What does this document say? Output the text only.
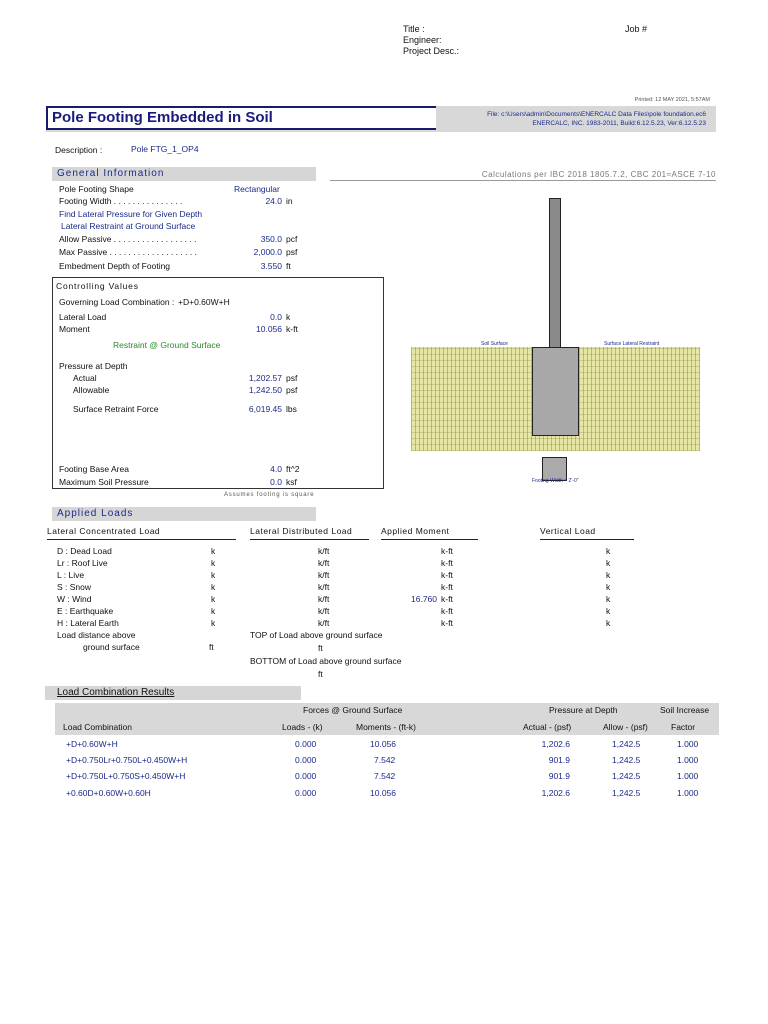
Title :
Engineer:
Project Desc.:
Job #
Printed: 12 MAY 2021, 5:57AM
Pole Footing Embedded in Soil	File: c:\Users\admin\Documents\ENERCALC Data Files\pole foundation.ec6
ENERCALC, INC. 1983-2011, Build:6.12.5.23, Ver:6.12.5.23
Description :	Pole FTG_1_OP4
General Information	Calculations per IBC 2018 1805.7.2, CBC 201≈ASCE 7-10
Pole Footing Shape	Rectangular
Footing Width . . . . . . . . . . . . . . .	24.0 in
Find Lateral Pressure for Given Depth
Lateral Restraint at Ground Surface
Allow Passive . . . . . . . . . . . . . . . . . .	350.0 pcf
Max Passive . . . . . . . . . . . . . . . . . . .	2,000.0 psf
Embedment Depth of Footing	3.550 ft
Controlling Values
Governing Load Combination : +D+0.60W+H
Lateral Load	0.0 k
Moment	10.056 k-ft
Restraint @ Ground Surface
Pressure at Depth
Actual	1,202.57 psf
Allowable	1,242.50 psf
Surface Retraint Force	6,019.45 lbs
Footing Base Area	4.0 ft^2
Maximum Soil Pressure	0.0 ksf
Assumes footing is square
Soil Surface	Surface Lateral Restraint
Footing Width = 2'-0"
Applied Loads
Lateral Concentrated Load	Lateral Distributed Load	Applied Moment	Vertical Load
D : Dead Load	k	k/ft	k-ft	k
Lr : Roof Live	k	k/ft	k-ft	k
L : Live	k	k/ft	k-ft	k
S : Snow	k	k/ft	k-ft	k
W : Wind	k	k/ft	16.760 k-ft	k
E : Earthquake	k	k/ft	k-ft	k
H : Lateral Earth	k	k/ft	k-ft	k
Load distance above
ground surface	ft
TOP of Load above ground surface
ft
BOTTOM of Load above ground surface
ft
Load Combination Results
Forces @ Ground Surface	Pressure at Depth	Soil Increase
Load Combination	Loads - (k)	Moments - (ft-k)	Actual - (psf)	Allow - (psf)	Factor
+D+0.60W+H	0.000	10.056	1,202.6	1,242.5	1.000
+D+0.750Lr+0.750L+0.450W+H	0.000	7.542	901.9	1,242.5	1.000
+D+0.750L+0.750S+0.450W+H	0.000	7.542	901.9	1,242.5	1.000
+0.60D+0.60W+0.60H	0.000	10.056	1,202.6	1,242.5	1.000
